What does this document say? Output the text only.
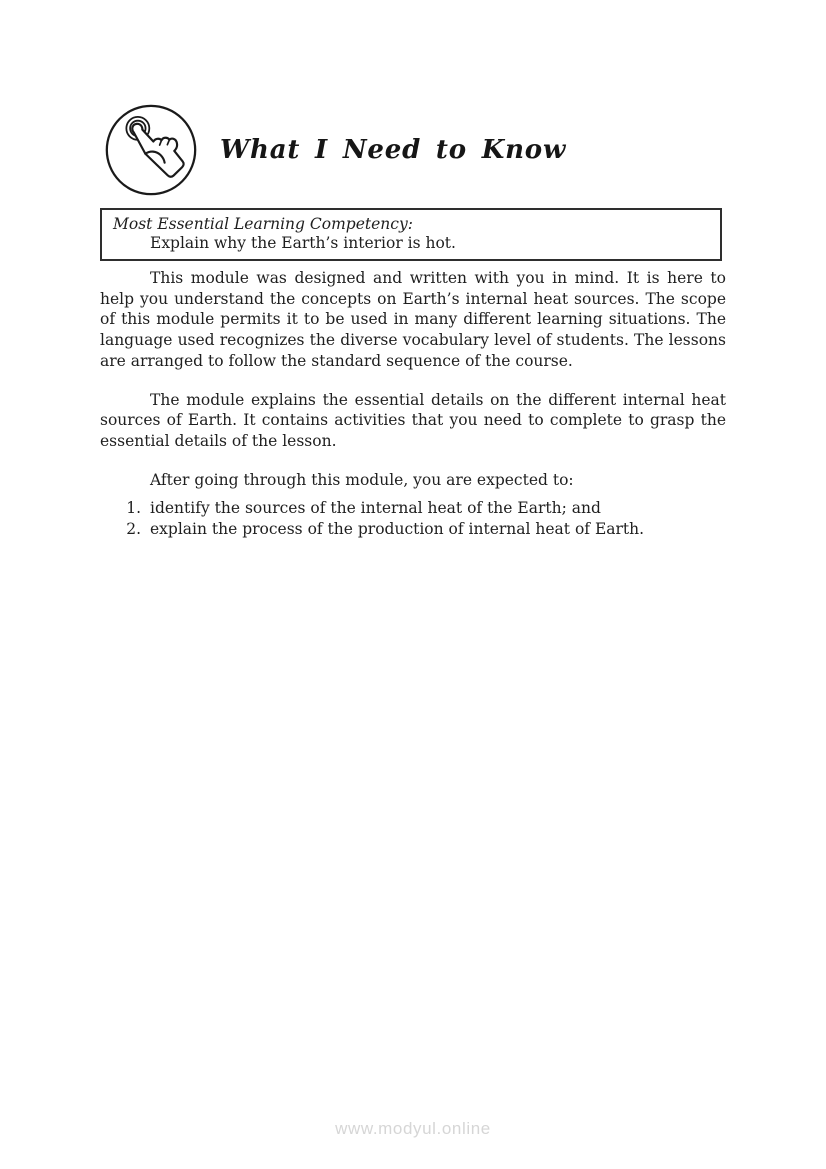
What I Need to Know
Most Essential Learning Competency:
Explain why the Earth’s interior is hot.

This module was designed and written with you in mind. It is here to help you understand the concepts on Earth’s internal heat sources. The scope of this module permits it to be used in many different learning situations. The language used recognizes the diverse vocabulary level of students. The lessons are arranged to follow the standard sequence of the course.

The module explains the essential details on the different internal heat sources of Earth. It contains activities that you need to complete to grasp the essential details of the lesson.

After going through this module, you are expected to:

1. identify the sources of the internal heat of the Earth; and
2. explain the process of the production of internal heat of Earth.
www.modyul.online
